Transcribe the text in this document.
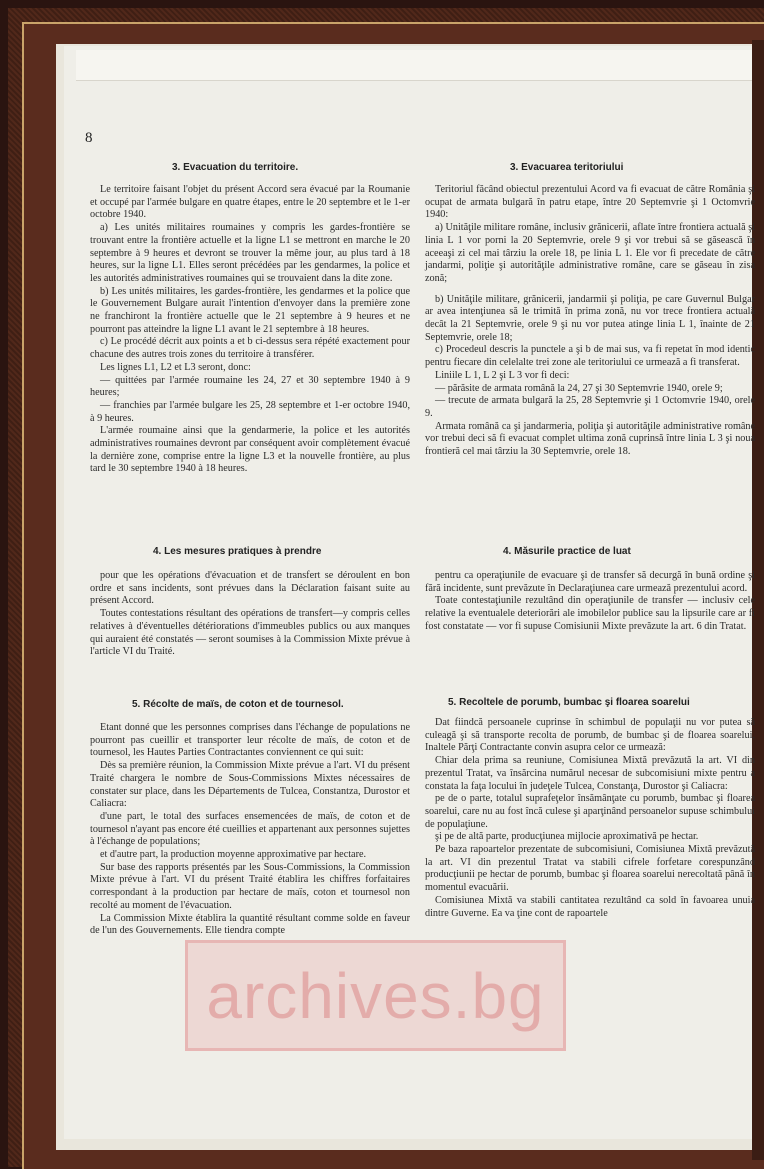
8
3. Evacuation du territoire.	3. Evacuarea teritoriului

Le territoire faisant l'objet du présent Accord sera évacué par la Roumanie et occupé par l'armée bulgare en quatre étapes, entre le 20 septembre et le 1-er octobre 1940.

a) Les unités militaires roumaines y compris les gardes-frontière se trouvant entre la frontière actuelle et la ligne L1 se mettront en marche le 20 septembre à 9 heures et devront se trouver la même jour, au plus tard à 18 heures, sur la ligne L1. Elles seront précédées par les gendarmes, la police et les autorités administratives roumaines qui se trouvaient dans la dite zone.

b) Les unités militaires, les gardes-frontière, les gendarmes et la police que le Gouvernement Bulgare aurait l'intention d'envoyer dans la première zone ne franchiront la frontière actuelle que le 21 septembre à 9 heures et ne pourront pas atteindre la ligne L1 avant le 21 septembre à 18 heures.

c) Le procédé décrit aux points a et b ci-dessus sera répété exactement pour chacune des autres trois zones du territoire à transférer.

Les lignes L1, L2 et L3 seront, donc:

— quittées par l'armée roumaine les 24, 27 et 30 septembre 1940 à 9 heures;

— franchies par l'armée bulgare les 25, 28 septembre et 1-er octobre 1940, à 9 heures.

L'armée roumaine ainsi que la gendarmerie, la police et les autorités administratives roumaines devront par conséquent avoir complètement évacué la dernière zone, comprise entre la ligne L3 et la nouvelle frontière, au plus tard le 30 septembre 1940 à 18 heures.

Teritoriul făcând obiectul prezentului Acord va fi evacuat de către România şi ocupat de armata bulgară în patru etape, între 20 Septemvrie şi 1 Octomvrie 1940:

a) Unităţile militare române, inclusiv grănicerii, aflate între frontiera actuală şi linia L 1 vor porni la 20 Septemvrie, orele 9 şi vor trebui să se găsească în aceeaşi zi cel mai târziu la orele 18, pe linia L 1. Ele vor fi precedate de către jandarmi, poliţie şi autorităţile administrative române, care se găseau în zisa zonă;

b) Unităţile militare, grănicerii, jandarmii şi poliţia, pe care Guvernul Bulgar ar avea intenţiunea să le trimită în prima zonă, nu vor trece frontiera actuală decât la 21 Septemvrie, orele 9 şi nu vor putea atinge linia L 1, înainte de 21 Septemvrie, orele 18;

c) Procedeul descris la punctele a şi b de mai sus, va fi repetat în mod identic pentru fiecare din celelalte trei zone ale teritoriului ce urmează a fi transferat.

Liniile L 1, L 2 şi L 3 vor fi deci:

— părăsite de armata română la 24, 27 şi 30 Septemvrie 1940, orele 9;

— trecute de armata bulgară la 25, 28 Septemvrie şi 1 Octomvrie 1940, orele 9.

Armata română ca şi jandarmeria, poliţia şi autorităţile administrative române vor trebui deci să fi evacuat complet ultima zonă cuprinsă între linia L 3 şi noua frontieră cel mai târziu la 30 Septemvrie, orele 18.

4. Les mesures pratiques à prendre	4. Măsurile practice de luat

pour que les opérations d'évacuation et de transfert se déroulent en bon ordre et sans incidents, sont prévues dans la Déclaration faisant suite au présent Accord.

Toutes contestations résultant des opérations de transfert—y compris celles relatives à d'éventuelles détériorations d'immeubles publics ou aux manques qui auraient été constatés — seront soumises à la Commission Mixte prévue à l'article VI du Traité.

pentru ca operaţiunile de evacuare şi de transfer să decurgă în bună ordine şi fără incidente, sunt prevăzute în Declaraţiunea care urmează prezentului acord.

Toate contestaţiunile rezultând din operaţiunile de transfer — inclusiv cele relative la eventualele deteriorări ale imobilelor publice sau la lipsurile care ar fi fost constatate — vor fi supuse Comisiunii Mixte prevăzute la art. 6 din Tratat.

5. Récolte de maïs, de coton et de tournesol.	5. Recoltele de porumb, bumbac şi floarea soarelui

Etant donné que les personnes comprises dans l'échange de populations ne pourront pas cueillir et transporter leur récolte de maïs, de coton et de tournesol, les Hautes Parties Contractantes conviennent ce qui suit:

Dès sa première réunion, la Commission Mixte prévue a l'art. VI du présent Traité chargera le nombre de Sous-Commissions Mixtes nécessaires de constater sur place, dans les Départements de Tulcea, Constantza, Durostor et Caliacra:

d'une part, le total des surfaces ensemencées de maïs, de coton et de tournesol n'ayant pas encore été cueillies et appartenant aux personnes sujettes à l'échange de populations;

et d'autre part, la production moyenne approximative par hectare.

Sur base des rapports présentés par les Sous-Commissions, la Commission Mixte prévue à l'art. VI du présent Traité établira les chiffres forfaitaires correspondant à la production par hectare de maïs, coton et tournesol non recolté au moment de l'évacuation.

La Commission Mixte établira la quantité résultant comme solde en faveur de l'un des Gouvernements. Elle tiendra compte

Dat fiindcă persoanele cuprinse în schimbul de populaţii nu vor putea să culeagă şi să transporte recolta de porumb, de bumbac şi de floarea soarelui, Inaltele Părţi Contractante convin asupra celor ce urmează:

Chiar dela prima sa reuniune, Comisiunea Mixtă prevăzută la art. VI din prezentul Tratat, va însărcina numărul necesar de subcomisiuni mixte pentru a constata la faţa locului în judeţele Tulcea, Constanţa, Durostor şi Caliacra:

pe de o parte, totalul suprafeţelor însămânţate cu porumb, bumbac şi floarea soarelui, care nu au fost încă culese şi aparţinând persoanelor supuse schimbului de populaţiune.

şi pe de altă parte, producţiunea mijlocie aproximativă pe hectar.

Pe baza rapoartelor prezentate de subcomisiuni, Comisiunea Mixtă prevăzută la art. VI din prezentul Tratat va stabili cifrele forfetare corespunzând producţiunii pe hectar de porumb, bumbac şi floarea soarelui nerecoltată până în momentul evacuării.

Comisiunea Mixtă va stabili cantitatea rezultând ca sold în favoarea unuia dintre Guverne. Ea va ţine cont de rapoartele

archives.bg
